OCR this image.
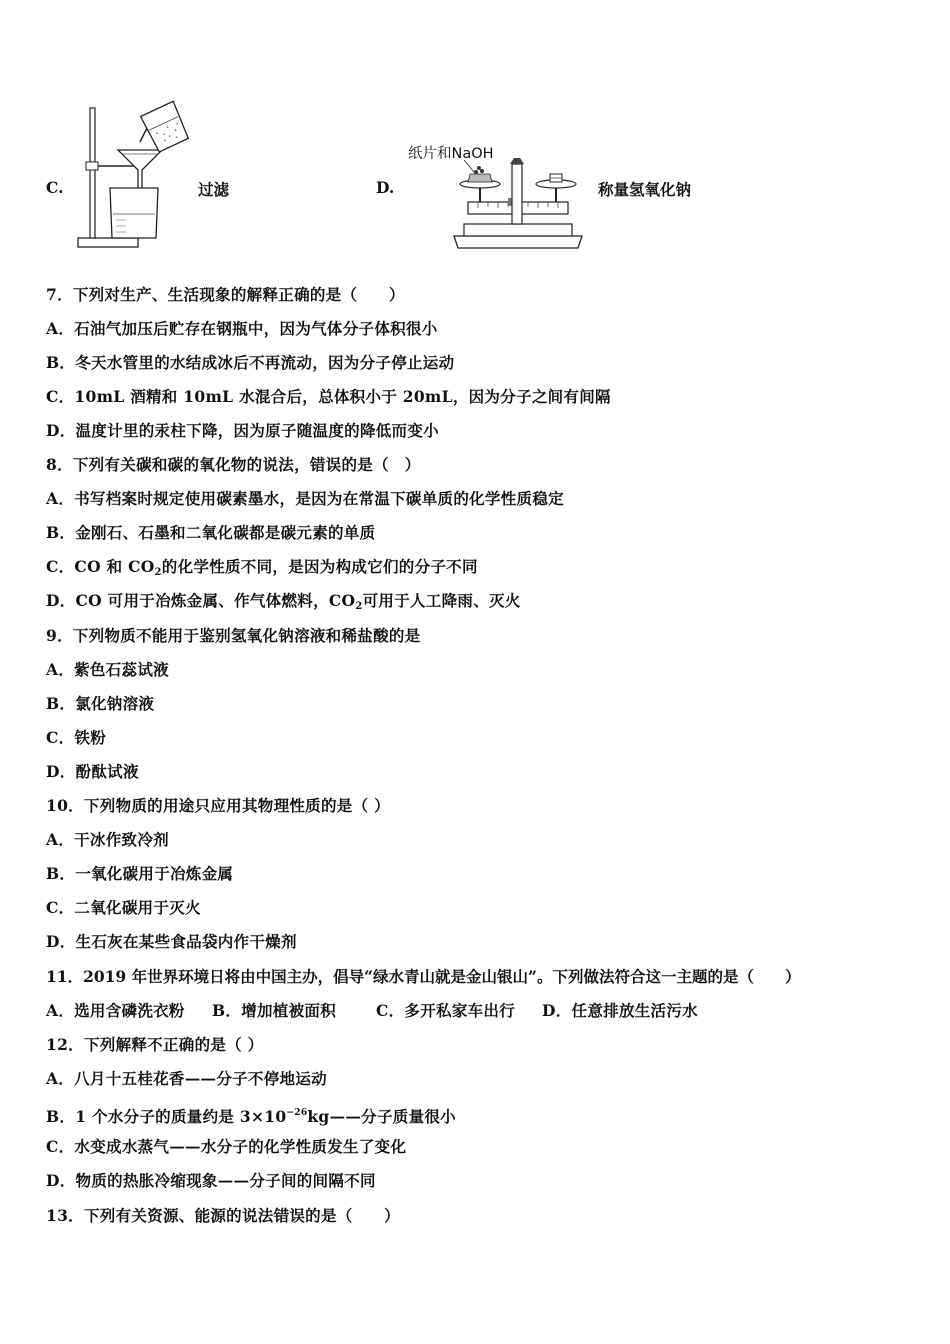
C.	过滤	D.
纸片和NaOH
称量氢氧化钠
7．下列对生产、生活现象的解释正确的是（　　）
A．石油气加压后贮存在钢瓶中，因为气体分子体积很小
B．冬天水管里的水结成冰后不再流动，因为分子停止运动
C．10mL 酒精和 10mL 水混合后，总体积小于 20mL，因为分子之间有间隔
D．温度计里的汞柱下降，因为原子随温度的降低而变小
8．下列有关碳和碳的氧化物的说法，错误的是（　）
A．书写档案时规定使用碳素墨水，是因为在常温下碳单质的化学性质稳定
B．金刚石、石墨和二氧化碳都是碳元素的单质
C．CO 和 $CO_2$的化学性质不同，是因为构成它们的分子不同
D．CO 可用于冶炼金属、作气体燃料，$CO_2$可用于人工降雨、灭火
9．下列物质不能用于鉴别氢氧化钠溶液和稀盐酸的是
A．紫色石蕊试液
B．氯化钠溶液
C．铁粉
D．酚酞试液
10．下列物质的用途只应用其物理性质的是（ ）
A．干冰作致冷剂
B．一氧化碳用于冶炼金属
C．二氧化碳用于灭火
D．生石灰在某些食品袋内作干燥剂
11．2019 年世界环境日将由中国主办，倡导“绿水青山就是金山银山”。下列做法符合这一主题的是（　　）
A．选用含磷洗衣粉 B．增加植被面积	C．多开私家车出行 D．任意排放生活污水
12．下列解释不正确的是（ ）
A．八月十五桂花香——分子不停地运动
B．1 个水分子的质量约是 $3\times 10^{-26}kg——$分子质量很小
C．水变成水蒸气——水分子的化学性质发生了变化
D．物质的热胀冷缩现象——分子间的间隔不同
13．下列有关资源、能源的说法错误的是（　　）
